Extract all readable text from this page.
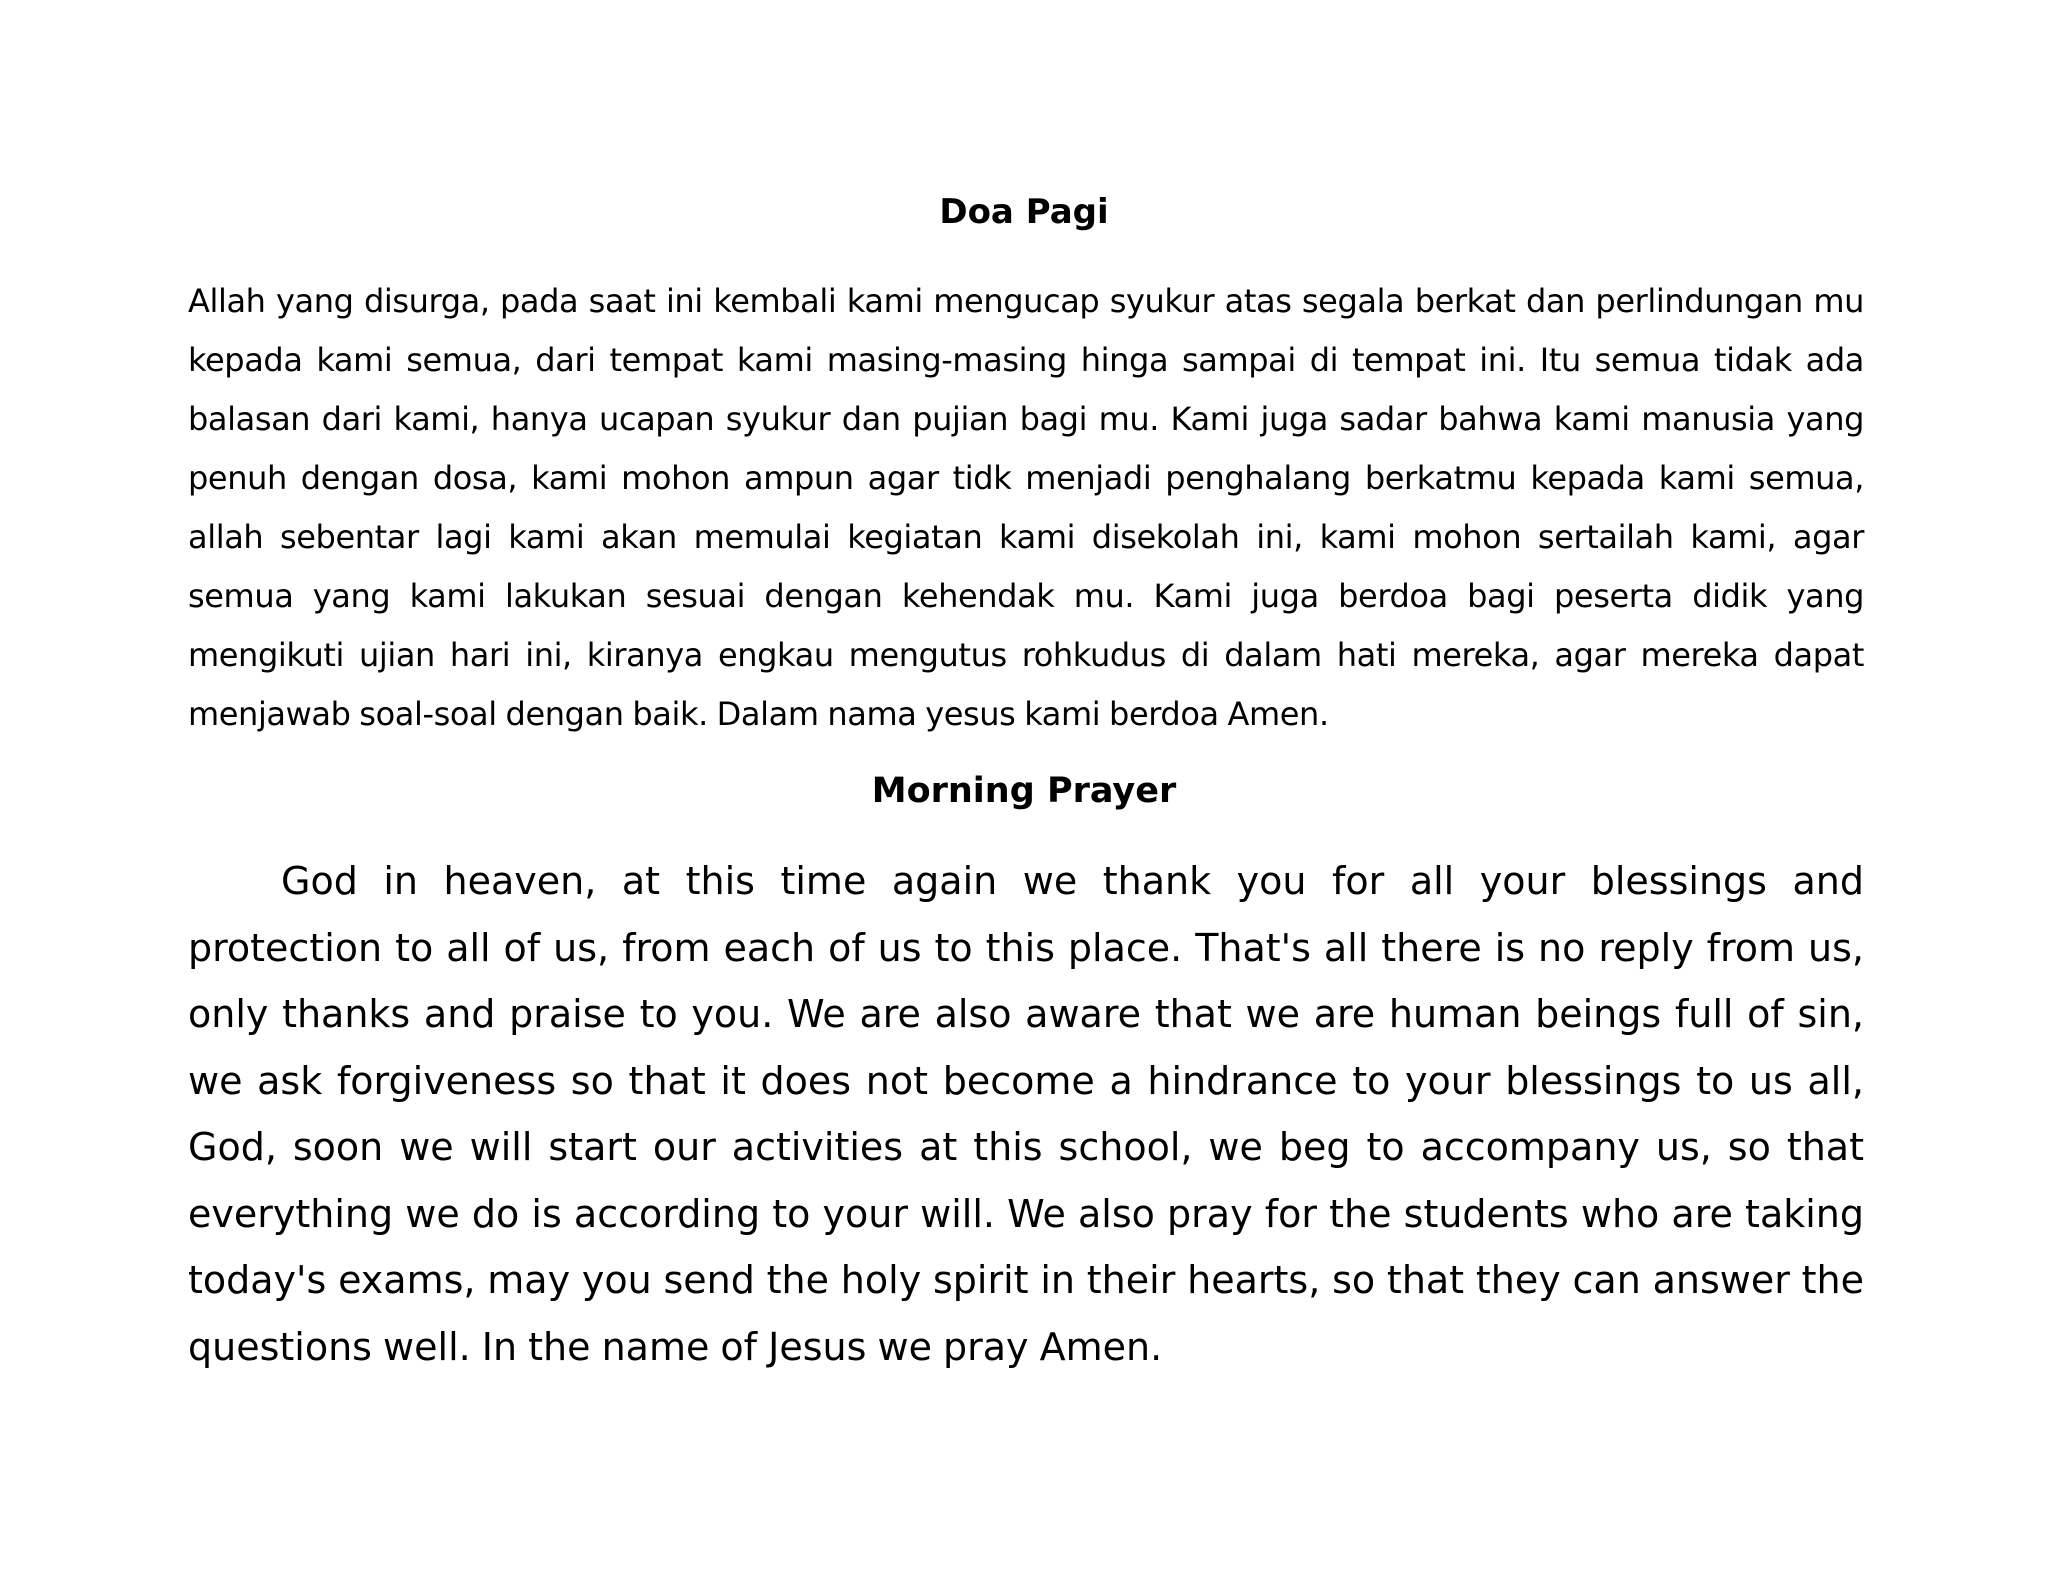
Doa Pagi

Allah yang disurga, pada saat ini kembali kami mengucap syukur atas segala berkat dan perlindungan mu kepada kami semua, dari tempat kami masing-masing hinga sampai di tempat ini. Itu semua tidak ada balasan dari kami, hanya ucapan syukur dan pujian bagi mu. Kami juga sadar bahwa kami manusia yang penuh dengan dosa, kami mohon ampun agar tidk menjadi penghalang berkatmu kepada kami semua, allah sebentar lagi kami akan memulai kegiatan kami disekolah ini, kami mohon sertailah kami, agar semua yang kami lakukan sesuai dengan kehendak mu. Kami juga berdoa bagi peserta didik yang mengikuti ujian hari ini, kiranya engkau mengutus rohkudus di dalam hati mereka, agar mereka dapat menjawab soal-soal dengan baik. Dalam nama yesus kami berdoa Amen.

Morning Prayer

God in heaven, at this time again we thank you for all your blessings and protection to all of us, from each of us to this place. That's all there is no reply from us, only thanks and praise to you. We are also aware that we are human beings full of sin, we ask forgiveness so that it does not become a hindrance to your blessings to us all, God, soon we will start our activities at this school, we beg to accompany us, so that everything we do is according to your will. We also pray for the students who are taking today's exams, may you send the holy spirit in their hearts, so that they can answer the questions well. In the name of Jesus we pray Amen.
